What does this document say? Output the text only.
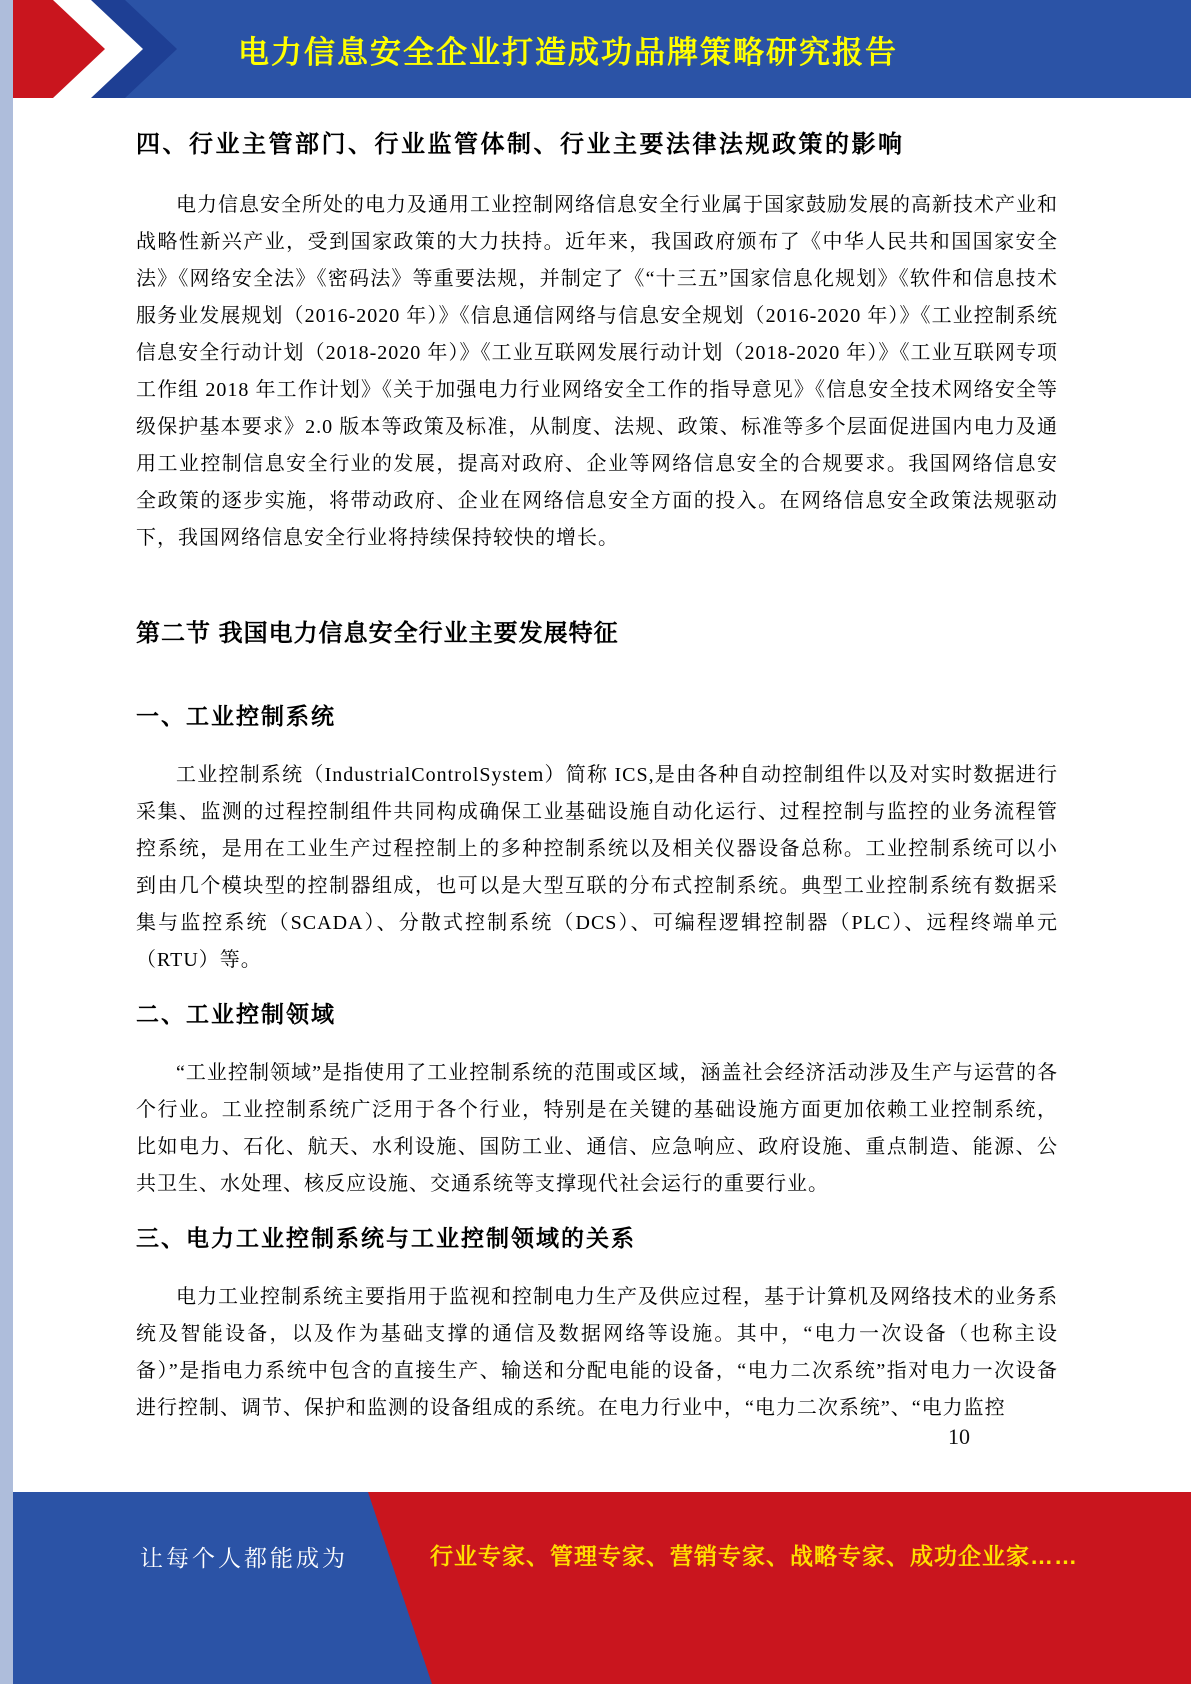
电力信息安全企业打造成功品牌策略研究报告
四、行业主管部门、行业监管体制、行业主要法律法规政策的影响

电力信息安全所处的电力及通用工业控制网络信息安全行业属于国家鼓励发展的高新技术产业和战略性新兴产业，受到国家政策的大力扶持。近年来，我国政府颁布了《中华人民共和国国家安全法》《网络安全法》《密码法》等重要法规，并制定了《“十三五”国家信息化规划》《软件和信息技术服务业发展规划（2016-2020 年）》《信息通信网络与信息安全规划（2016-2020 年）》《工业控制系统信息安全行动计划（2018-2020 年）》《工业互联网发展行动计划（2018-2020 年）》《工业互联网专项工作组 2018 年工作计划》《关于加强电力行业网络安全工作的指导意见》《信息安全技术网络安全等级保护基本要求》2.0 版本等政策及标准，从制度、法规、政策、标准等多个层面促进国内电力及通用工业控制信息安全行业的发展，提高对政府、企业等网络信息安全的合规要求。我国网络信息安全政策的逐步实施，将带动政府、企业在网络信息安全方面的投入。在网络信息安全政策法规驱动下，我国网络信息安全行业将持续保持较快的增长。

第二节 我国电力信息安全行业主要发展特征
一、工业控制系统

工业控制系统（IndustrialControlSystem）简称 ICS,是由各种自动控制组件以及对实时数据进行采集、监测的过程控制组件共同构成确保工业基础设施自动化运行、过程控制与监控的业务流程管控系统，是用在工业生产过程控制上的多种控制系统以及相关仪器设备总称。工业控制系统可以小到由几个模块型的控制器组成，也可以是大型互联的分布式控制系统。典型工业控制系统有数据采集与监控系统（SCADA）、分散式控制系统（DCS）、可编程逻辑控制器（PLC）、远程终端单元（RTU）等。

二、工业控制领域

“工业控制领域”是指使用了工业控制系统的范围或区域，涵盖社会经济活动涉及生产与运营的各个行业。工业控制系统广泛用于各个行业，特别是在关键的基础设施方面更加依赖工业控制系统，比如电力、石化、航天、水利设施、国防工业、通信、应急响应、政府设施、重点制造、能源、公共卫生、水处理、核反应设施、交通系统等支撑现代社会运行的重要行业。

三、电力工业控制系统与工业控制领域的关系

电力工业控制系统主要指用于监视和控制电力生产及供应过程，基于计算机及网络技术的业务系统及智能设备，以及作为基础支撑的通信及数据网络等设施。其中，“电力一次设备（也称主设备）”是指电力系统中包含的直接生产、输送和分配电能的设备，“电力二次系统”指对电力一次设备进行控制、调节、保护和监测的设备组成的系统。在电力行业中，“电力二次系统”、“电力监控

10
让每个人都能成为	行业专家、管理专家、营销专家、战略专家、成功企业家……
